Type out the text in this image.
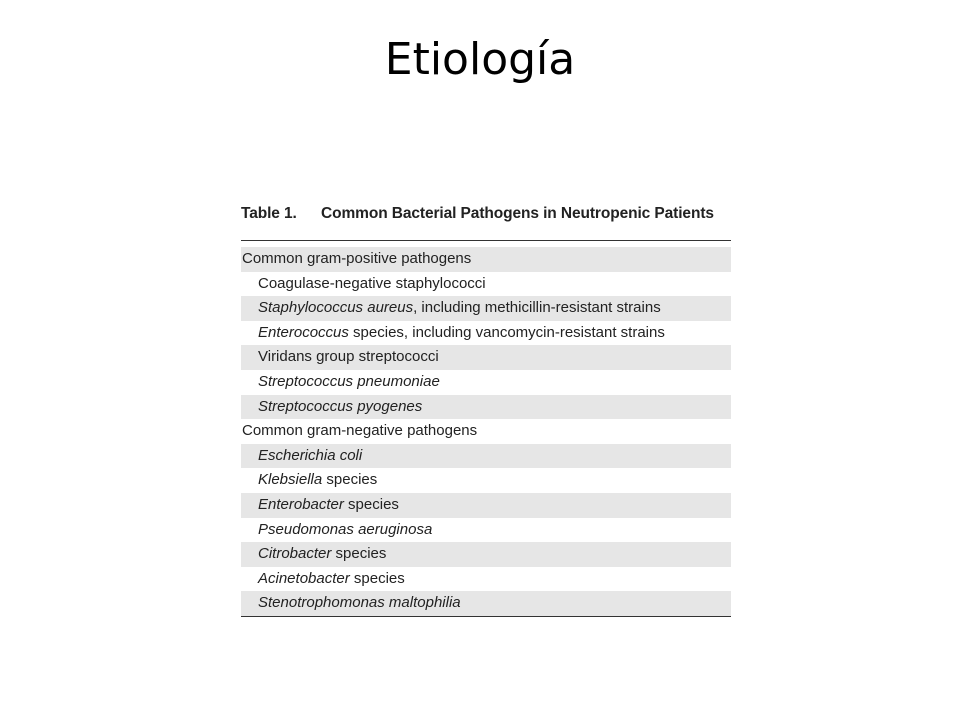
Etiología
Table 1.	Common Bacterial Pathogens in Neutropenic Patients
Common gram-positive pathogens
Coagulase-negative staphylococci
Staphylococcus aureus, including methicillin-resistant strains
Enterococcus species, including vancomycin-resistant strains
Viridans group streptococci
Streptococcus pneumoniae
Streptococcus pyogenes
Common gram-negative pathogens
Escherichia coli
Klebsiella species
Enterobacter species
Pseudomonas aeruginosa
Citrobacter species
Acinetobacter species
Stenotrophomonas maltophilia
